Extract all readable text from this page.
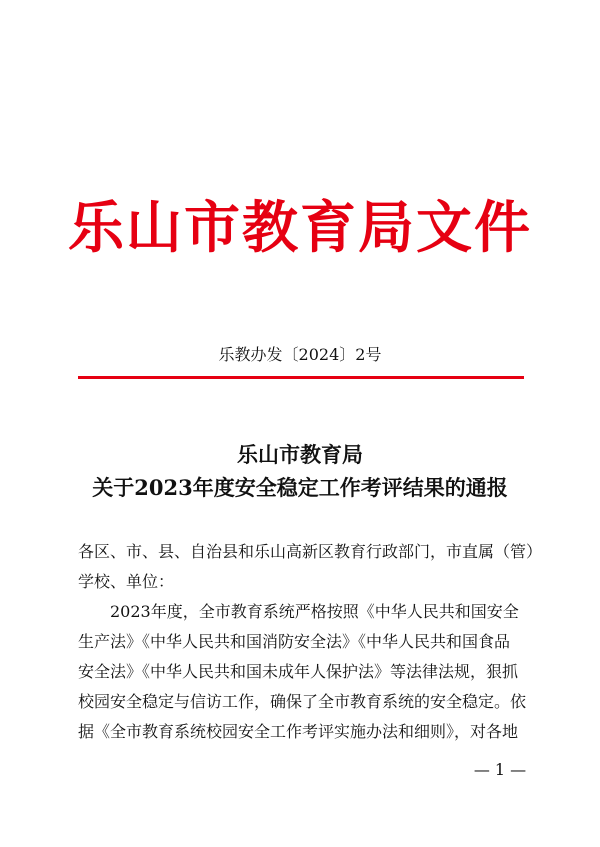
乐山市教育局文件
乐教办发〔2024〕2号
乐山市教育局
关于2023年度安全稳定工作考评结果的通报
各区、市、县、自治县和乐山高新区教育行政部门，市直属（管）
学校、单位：
2023年度，全市教育系统严格按照《中华人民共和国安全
生产法》《中华人民共和国消防安全法》《中华人民共和国食品
安全法》《中华人民共和国未成年人保护法》等法律法规，狠抓
校园安全稳定与信访工作，确保了全市教育系统的安全稳定。依
据《全市教育系统校园安全工作考评实施办法和细则》，对各地
— 1 —
